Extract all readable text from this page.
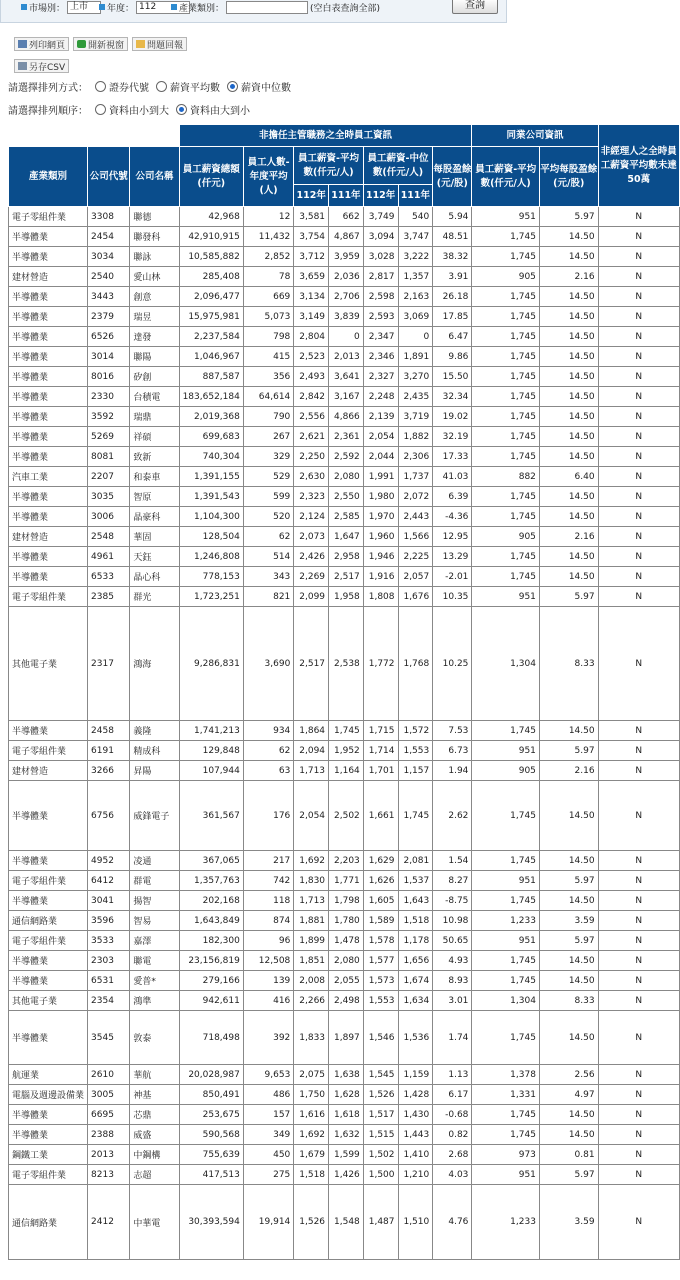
市場別： 上市	年度： 112	產業類別：	(空白表查詢全部)	查詢
列印網頁	開新視窗	問題回報
另存CSV
請選擇排列方式： 證券代號 薪資平均數 薪資中位數
請選擇排列順序： 資料由小到大 資料由大到小
			非擔任主管職務之全時員工資訊							同業公司資訊		非經理人之全時員工薪資平均數未達50萬
產業類別	公司代號	公司名稱	員工薪資總額(仟元)	員工人數-年度平均(人)	員工薪資-平均數(仟元/人)		員工薪資-中位數(仟元/人)		每股盈餘(元/股)	員工薪資-平均數(仟元/人)	平均每股盈餘(元/股)	
					112年	111年	112年	111年				
電子零組件業	3308	聯德	42,968	12	3,581	662	3,749	540	5.94	951	5.97	N
半導體業	2454	聯發科	42,910,915	11,432	3,754	4,867	3,094	3,747	48.51	1,745	14.50	N
半導體業	3034	聯詠	10,585,882	2,852	3,712	3,959	3,028	3,222	38.32	1,745	14.50	N
建材營造	2540	愛山林	285,408	78	3,659	2,036	2,817	1,357	3.91	905	2.16	N
半導體業	3443	創意	2,096,477	669	3,134	2,706	2,598	2,163	26.18	1,745	14.50	N
半導體業	2379	瑞昱	15,975,981	5,073	3,149	3,839	2,593	3,069	17.85	1,745	14.50	N
半導體業	6526	達發	2,237,584	798	2,804	0	2,347	0	6.47	1,745	14.50	N
半導體業	3014	聯陽	1,046,967	415	2,523	2,013	2,346	1,891	9.86	1,745	14.50	N
半導體業	8016	矽創	887,587	356	2,493	3,641	2,327	3,270	15.50	1,745	14.50	N
半導體業	2330	台積電	183,652,184	64,614	2,842	3,167	2,248	2,435	32.34	1,745	14.50	N
半導體業	3592	瑞鼎	2,019,368	790	2,556	4,866	2,139	3,719	19.02	1,745	14.50	N
半導體業	5269	祥碩	699,683	267	2,621	2,361	2,054	1,882	32.19	1,745	14.50	N
半導體業	8081	致新	740,304	329	2,250	2,592	2,044	2,306	17.33	1,745	14.50	N
汽車工業	2207	和泰車	1,391,155	529	2,630	2,080	1,991	1,737	41.03	882	6.40	N
半導體業	3035	智原	1,391,543	599	2,323	2,550	1,980	2,072	6.39	1,745	14.50	N
半導體業	3006	晶豪科	1,104,300	520	2,124	2,585	1,970	2,443	-4.36	1,745	14.50	N
建材營造	2548	華固	128,504	62	2,073	1,647	1,960	1,566	12.95	905	2.16	N
半導體業	4961	天鈺	1,246,808	514	2,426	2,958	1,946	2,225	13.29	1,745	14.50	N
半導體業	6533	晶心科	778,153	343	2,269	2,517	1,916	2,057	-2.01	1,745	14.50	N
電子零組件業	2385	群光	1,723,251	821	2,099	1,958	1,808	1,676	10.35	951	5.97	N
其他電子業	2317	鴻海	9,286,831	3,690	2,517	2,538	1,772	1,768	10.25	1,304	8.33	N
半導體業	2458	義隆	1,741,213	934	1,864	1,745	1,715	1,572	7.53	1,745	14.50	N
電子零組件業	6191	精成科	129,848	62	2,094	1,952	1,714	1,553	6.73	951	5.97	N
建材營造	3266	昇陽	107,944	63	1,713	1,164	1,701	1,157	1.94	905	2.16	N
半導體業	6756	威鋒電子	361,567	176	2,054	2,502	1,661	1,745	2.62	1,745	14.50	N
半導體業	4952	凌通	367,065	217	1,692	2,203	1,629	2,081	1.54	1,745	14.50	N
電子零組件業	6412	群電	1,357,763	742	1,830	1,771	1,626	1,537	8.27	951	5.97	N
半導體業	3041	揚智	202,168	118	1,713	1,798	1,605	1,643	-8.75	1,745	14.50	N
通信網路業	3596	智易	1,643,849	874	1,881	1,780	1,589	1,518	10.98	1,233	3.59	N
電子零組件業	3533	嘉澤	182,300	96	1,899	1,478	1,578	1,178	50.65	951	5.97	N
半導體業	2303	聯電	23,156,819	12,508	1,851	2,080	1,577	1,656	4.93	1,745	14.50	N
半導體業	6531	愛普*	279,166	139	2,008	2,055	1,573	1,674	8.93	1,745	14.50	N
其他電子業	2354	鴻準	942,611	416	2,266	2,498	1,553	1,634	3.01	1,304	8.33	N
半導體業	3545	敦泰	718,498	392	1,833	1,897	1,546	1,536	1.74	1,745	14.50	N
航運業	2610	華航	20,028,987	9,653	2,075	1,638	1,545	1,159	1.13	1,378	2.56	N
電腦及週邊設備業	3005	神基	850,491	486	1,750	1,628	1,526	1,428	6.17	1,331	4.97	N
半導體業	6695	芯鼎	253,675	157	1,616	1,618	1,517	1,430	-0.68	1,745	14.50	N
半導體業	2388	威盛	590,568	349	1,692	1,632	1,515	1,443	0.82	1,745	14.50	N
鋼鐵工業	2013	中鋼構	755,639	450	1,679	1,599	1,502	1,410	2.68	973	0.81	N
電子零組件業	8213	志超	417,513	275	1,518	1,426	1,500	1,210	4.03	951	5.97	N
通信網路業	2412	中華電	30,393,594	19,914	1,526	1,548	1,487	1,510	4.76	1,233	3.59	N
